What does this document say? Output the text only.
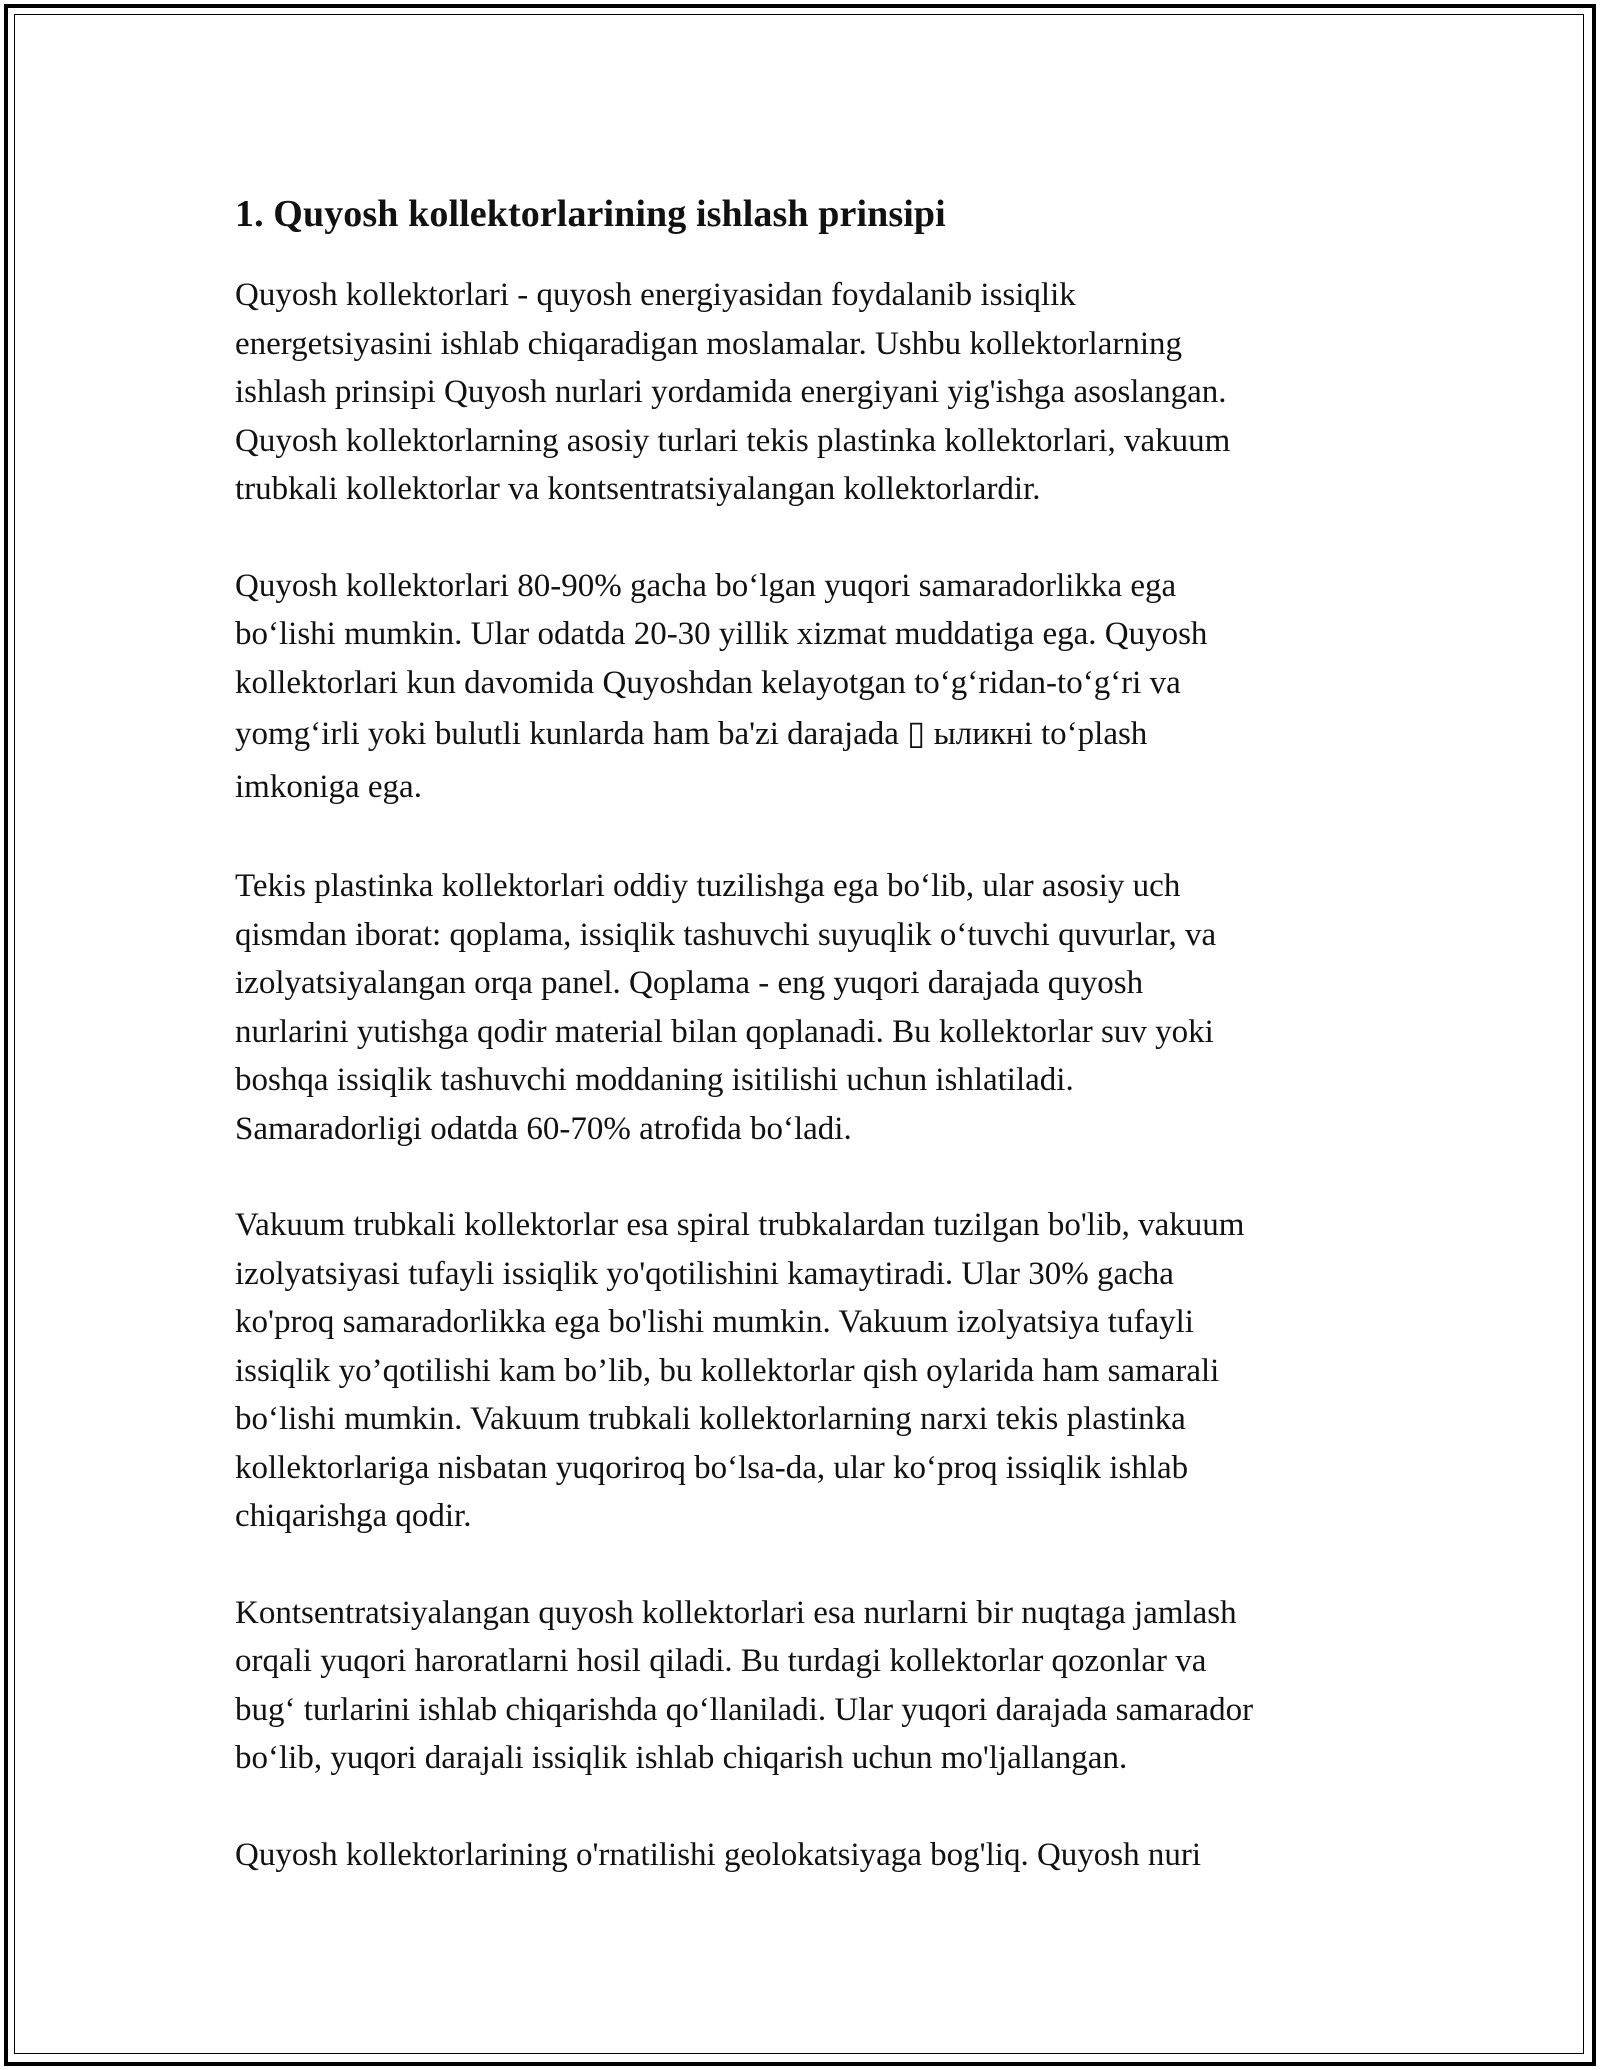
1. Quyosh kollektorlarining ishlash prinsipi
Quyosh kollektorlari - quyosh energiyasidan foydalanib issiqlik
energetsiyasini ishlab chiqaradigan moslamalar. Ushbu kollektorlarning
ishlash prinsipi Quyosh nurlari yordamida energiyani yig'ishga asoslangan.
Quyosh kollektorlarning asosiy turlari tekis plastinka kollektorlari, vakuum
trubkali kollektorlar va kontsentratsiyalangan kollektorlardir.
Quyosh kollektorlari 80-90% gacha bo‘lgan yuqori samaradorlikka ega
bo‘lishi mumkin. Ular odatda 20-30 yillik xizmat muddatiga ega. Quyosh
kollektorlari kun davomida Quyoshdan kelayotgan to‘g‘ridan-to‘g‘ri va
yomg‘irli yoki bulutli kunlarda ham ba'zi darajada ▯ ыликні to‘plash
imkoniga ega.
Tekis plastinka kollektorlari oddiy tuzilishga ega bo‘lib, ular asosiy uch
qismdan iborat: qoplama, issiqlik tashuvchi suyuqlik o‘tuvchi quvurlar, va
izolyatsiyalangan orqa panel. Qoplama - eng yuqori darajada quyosh
nurlarini yutishga qodir material bilan qoplanadi. Bu kollektorlar suv yoki
boshqa issiqlik tashuvchi moddaning isitilishi uchun ishlatiladi.
Samaradorligi odatda 60-70% atrofida bo‘ladi.
Vakuum trubkali kollektorlar esa spiral trubkalardan tuzilgan bo'lib, vakuum
izolyatsiyasi tufayli issiqlik yo'qotilishini kamaytiradi. Ular 30% gacha
ko'proq samaradorlikka ega bo'lishi mumkin. Vakuum izolyatsiya tufayli
issiqlik yo’qotilishi kam bo’lib, bu kollektorlar qish oylarida ham samarali
bo‘lishi mumkin. Vakuum trubkali kollektorlarning narxi tekis plastinka
kollektorlariga nisbatan yuqoriroq bo‘lsa-da, ular ko‘proq issiqlik ishlab
chiqarishga qodir.
Kontsentratsiyalangan quyosh kollektorlari esa nurlarni bir nuqtaga jamlash
orqali yuqori haroratlarni hosil qiladi. Bu turdagi kollektorlar qozonlar va
bug‘ turlarini ishlab chiqarishda qo‘llaniladi. Ular yuqori darajada samarador
bo‘lib, yuqori darajali issiqlik ishlab chiqarish uchun mo'ljallangan.
Quyosh kollektorlarining o'rnatilishi geolokatsiyaga bog'liq. Quyosh nuri
